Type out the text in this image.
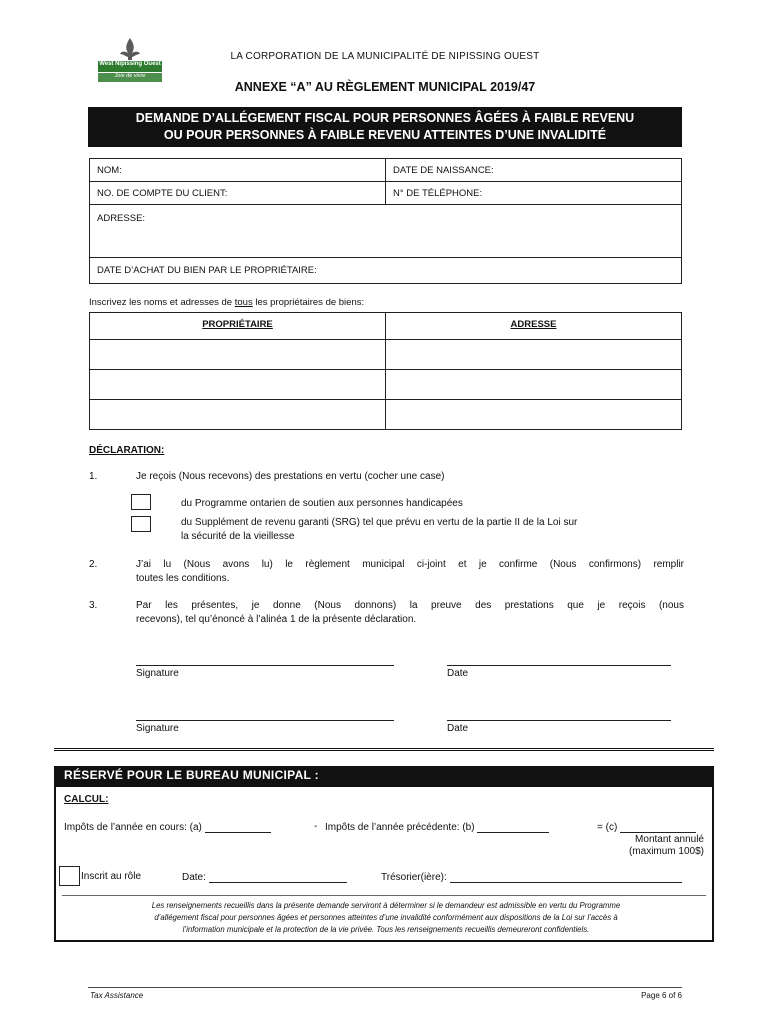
West Nipissing Ouest
Joie de vivre
LA CORPORATION DE LA MUNICIPALITÉ DE NIPISSING OUEST
ANNEXE “A” AU RÈGLEMENT MUNICIPAL 2019/47
DEMANDE D’ALLÉGEMENT FISCAL POUR PERSONNES ÂGÉES À FAIBLE REVENU
OU POUR PERSONNES À FAIBLE REVENU ATTEINTES D’UNE INVALIDITÉ
NOM:	DATE DE NAISSANCE:
NO. DE COMPTE DU CLIENT:	N° DE TÉLÉPHONE:
ADRESSE:
DATE D’ACHAT DU BIEN PAR LE PROPRIÉTAIRE:
Inscrivez les noms et adresses de tous les propriétaires de biens:
PROPRIÉTAIRE	ADRESSE
DÉCLARATION:
1.	Je reçois (Nous recevons) des prestations en vertu (cocher une case)
du Programme ontarien de soutien aux personnes handicapées
du Supplément de revenu garanti (SRG) tel que prévu en vertu de la partie II de la Loi sur
la sécurité de la vieillesse
2.	J’ai lu (Nous avons lu) le règlement municipal ci-joint et je confirme (Nous confirmons) remplir
toutes les conditions.
3.	Par les présentes, je donne (Nous donnons) la preuve des prestations que je reçois (nous
recevons), tel qu’énoncé à l’alinéa 1 de la présente déclaration.
Signature	Date
Signature	Date
RÉSERVÉ POUR LE BUREAU MUNICIPAL :
CALCUL:
Impôts de l’année en cours: (a)	- Impôts de l’année précédente: (b)	= (c)
Montant annulé
(maximum 100$)
Inscrit au rôle	Date:	Trésorier(ière):
Les renseignements recueillis dans la présente demande serviront à déterminer si le demandeur est admissible en vertu du Programme
d’allégement fiscal pour personnes âgées et personnes atteintes d’une invalidité conformément aux dispositions de la Loi sur l’accès à
l’information municipale et la protection de la vie privée. Tous les renseignements recueillis demeureront confidentiels.
Tax Assistance	Page 6 of 6
